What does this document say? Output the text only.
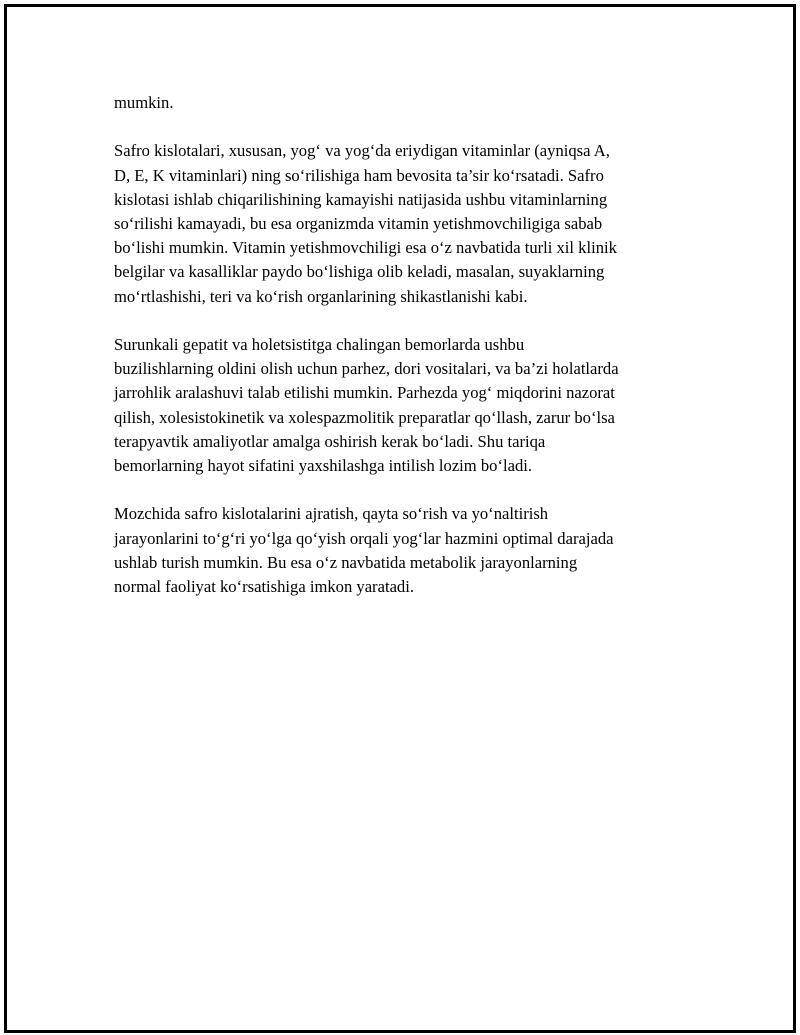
mumkin.

Safro kislotalari, xususan, yog‘ va yog‘da eriydigan vitaminlar (ayniqsa A,
D, E, K vitaminlari) ning so‘rilishiga ham bevosita ta’sir ko‘rsatadi. Safro
kislotasi ishlab chiqarilishining kamayishi natijasida ushbu vitaminlarning
so‘rilishi kamayadi, bu esa organizmda vitamin yetishmovchiligiga sabab
bo‘lishi mumkin. Vitamin yetishmovchiligi esa o‘z navbatida turli xil klinik
belgilar va kasalliklar paydo bo‘lishiga olib keladi, masalan, suyaklarning
mo‘rtlashishi, teri va ko‘rish organlarining shikastlanishi kabi.

Surunkali gepatit va holetsistitga chalingan bemorlarda ushbu
buzilishlarning oldini olish uchun parhez, dori vositalari, va ba’zi holatlarda
jarrohlik aralashuvi talab etilishi mumkin. Parhezda yog‘ miqdorini nazorat
qilish, xolesistokinetik va xolespazmolitik preparatlar qo‘llash, zarur bo‘lsa
terapyavtik amaliyotlar amalga oshirish kerak bo‘ladi. Shu tariqa
bemorlarning hayot sifatini yaxshilashga intilish lozim bo‘ladi.

Mozchida safro kislotalarini ajratish, qayta so‘rish va yo‘naltirish
jarayonlarini to‘g‘ri yo‘lga qo‘yish orqali yog‘lar hazmini optimal darajada
ushlab turish mumkin. Bu esa o‘z navbatida metabolik jarayonlarning
normal faoliyat ko‘rsatishiga imkon yaratadi.
